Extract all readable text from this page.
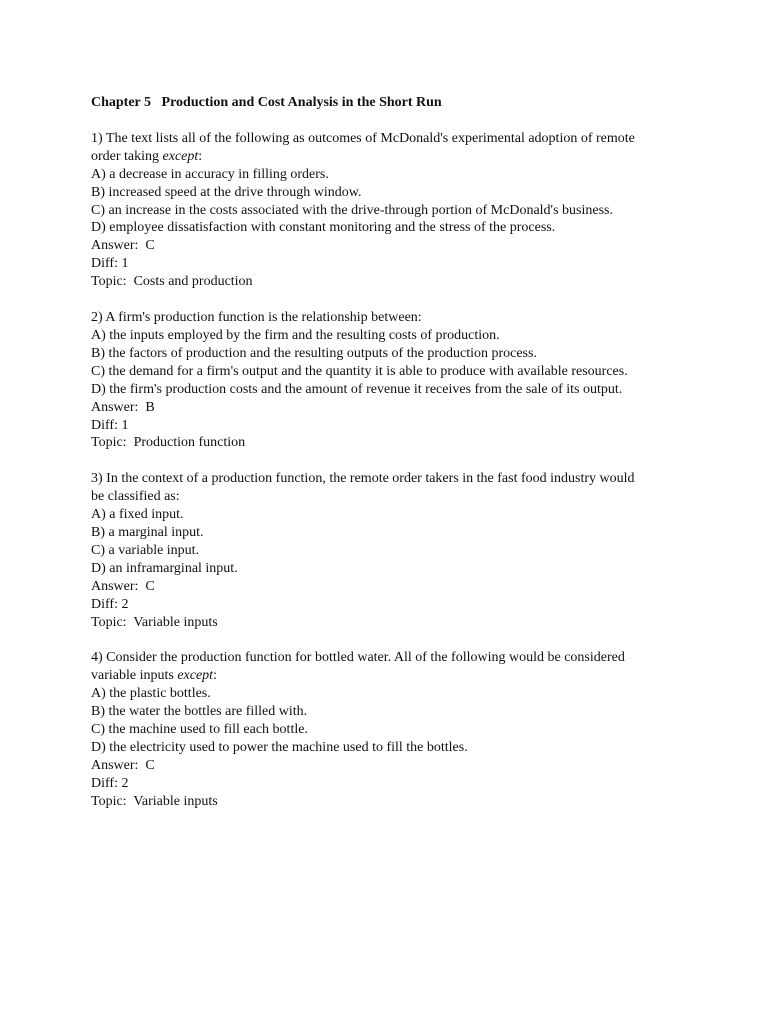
Chapter 5   Production and Cost Analysis in the Short Run
1) The text lists all of the following as outcomes of McDonald's experimental adoption of remote
order taking except:
A) a decrease in accuracy in filling orders.
B) increased speed at the drive through window.
C) an increase in the costs associated with the drive-through portion of McDonald's business.
D) employee dissatisfaction with constant monitoring and the stress of the process.
Answer:  C
Diff: 1
Topic:  Costs and production
2) A firm's production function is the relationship between:
A) the inputs employed by the firm and the resulting costs of production.
B) the factors of production and the resulting outputs of the production process.
C) the demand for a firm's output and the quantity it is able to produce with available resources.
D) the firm's production costs and the amount of revenue it receives from the sale of its output.
Answer:  B
Diff: 1
Topic:  Production function
3) In the context of a production function, the remote order takers in the fast food industry would
be classified as:
A) a fixed input.
B) a marginal input.
C) a variable input.
D) an inframarginal input.
Answer:  C
Diff: 2
Topic:  Variable inputs
4) Consider the production function for bottled water. All of the following would be considered
variable inputs except:
A) the plastic bottles.
B) the water the bottles are filled with.
C) the machine used to fill each bottle.
D) the electricity used to power the machine used to fill the bottles.
Answer:  C
Diff: 2
Topic:  Variable inputs
